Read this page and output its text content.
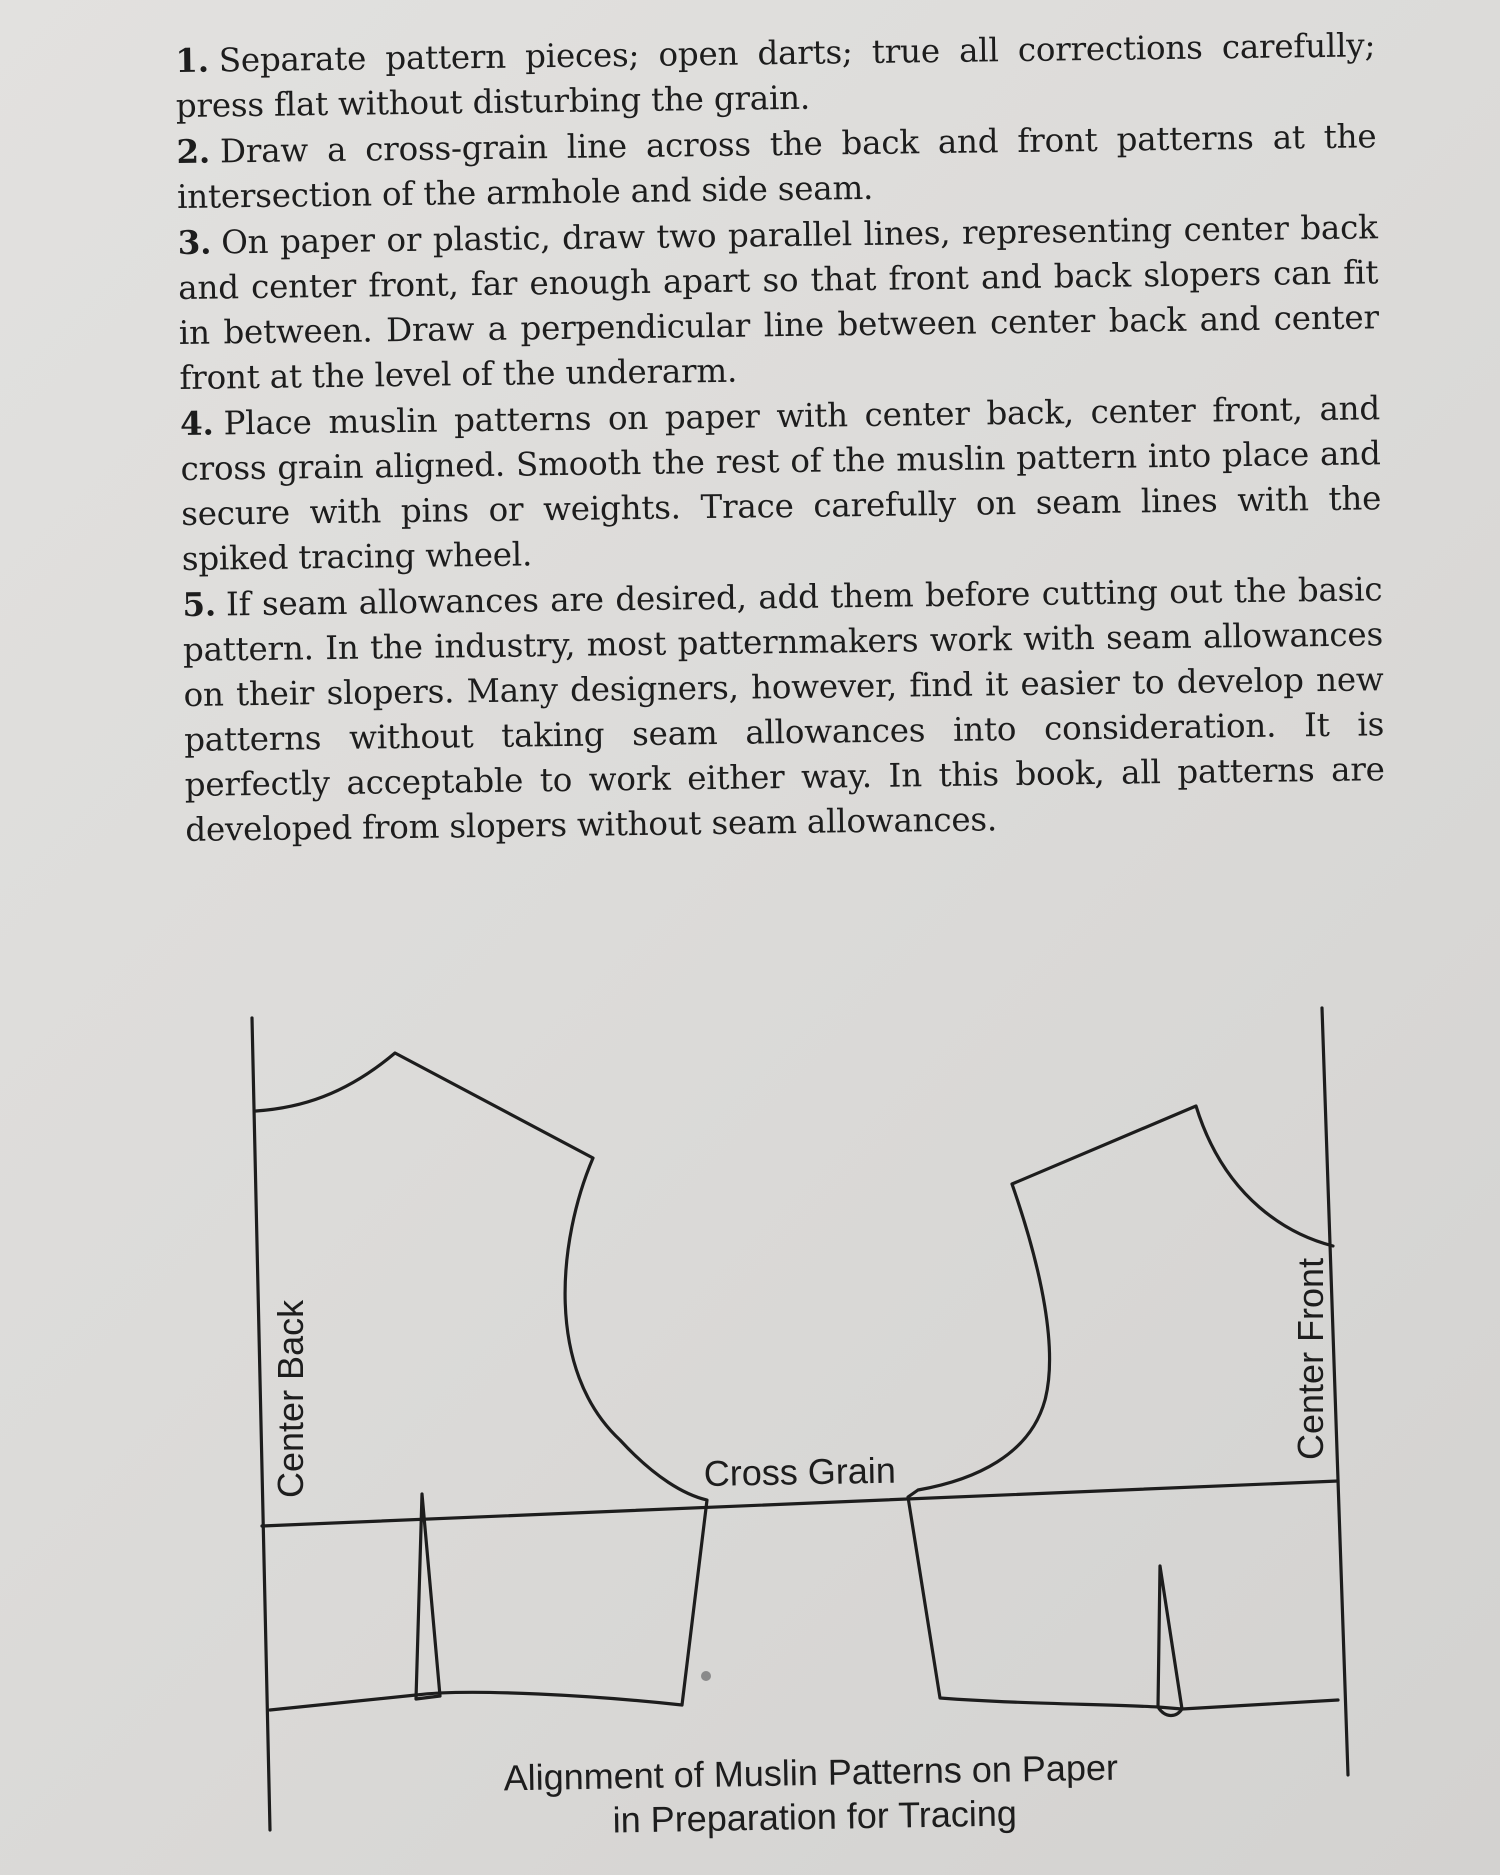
1. Separate pattern pieces; open darts; true all corrections carefully; press flat without disturbing the grain.

2. Draw a cross-grain line across the back and front patterns at the intersection of the armhole and side seam.

3. On paper or plastic, draw two parallel lines, representing center back and center front, far enough apart so that front and back slopers can fit in between. Draw a perpendicular line between center back and center front at the level of the underarm.

4. Place muslin patterns on paper with center back, center front, and cross grain aligned. Smooth the rest of the muslin pattern into place and secure with pins or weights. Trace carefully on seam lines with the spiked tracing wheel.

5. If seam allowances are desired, add them before cutting out the basic pattern. In the industry, most patternmakers work with seam allowances on their slopers. Many designers, however, find it easier to develop new patterns without taking seam allowances into consideration. It is perfectly acceptable to work either way. In this book, all patterns are developed from slopers without seam allowances.

Center Back	Center Front
Cross Grain
Alignment of Muslin Patterns on Paper
in Preparation for Tracing
